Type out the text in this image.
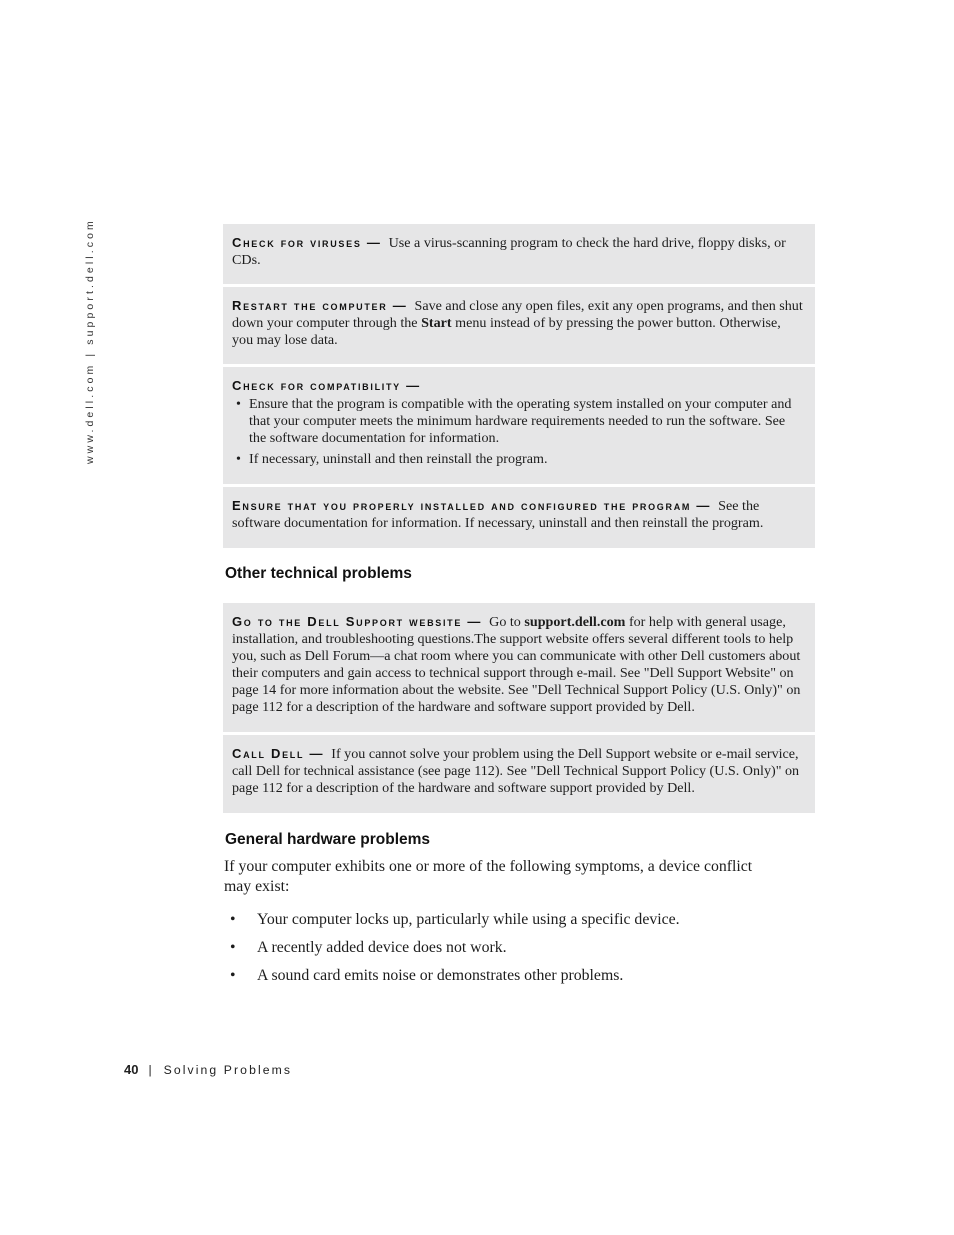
www.dell.com | support.dell.com	Check for viruses — Use a virus-scanning program to check the hard drive, floppy disks, or CDs.
Restart the computer — Save and close any open files, exit any open programs, and then shut down your computer through the Start menu instead of by pressing the power button. Otherwise, you may lose data.
Check for compatibility —
• Ensure that the program is compatible with the operating system installed on your computer and that your computer meets the minimum hardware requirements needed to run the software. See the software documentation for information.
• If necessary, uninstall and then reinstall the program.
Ensure that you properly installed and configured the program — See the software documentation for information. If necessary, uninstall and then reinstall the program.
Other technical problems
Go to the Dell Support website — Go to support.dell.com for help with general usage, installation, and troubleshooting questions.The support website offers several different tools to help you, such as Dell Forum—a chat room where you can communicate with other Dell customers about their computers and gain access to technical support through e-mail. See "Dell Support Website" on page 14 for more information about the website. See "Dell Technical Support Policy (U.S. Only)" on page 112 for a description of the hardware and software support provided by Dell.
Call Dell — If you cannot solve your problem using the Dell Support website or e-mail service, call Dell for technical assistance (see page 112). See "Dell Technical Support Policy (U.S. Only)" on page 112 for a description of the hardware and software support provided by Dell.
General hardware problems
If your computer exhibits one or more of the following symptoms, a device conflict may exist:
• Your computer locks up, particularly while using a specific device.
• A recently added device does not work.
• A sound card emits noise or demonstrates other problems.
40 | Solving Problems
